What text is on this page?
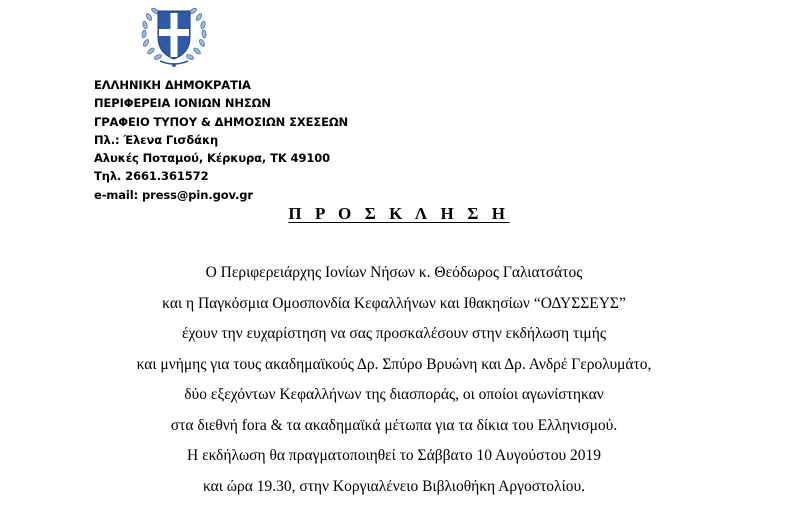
ΕΛΛΗΝΙΚΗ ΔΗΜΟΚΡΑΤΙΑ
ΠΕΡΙΦΕΡΕΙΑ ΙΟΝΙΩΝ ΝΗΣΩΝ
ΓΡΑΦΕΙΟ ΤΥΠΟΥ & ΔΗΜΟΣΙΩΝ ΣΧΕΣΕΩΝ
Πλ.: Έλενα Γισδάκη
Αλυκές Ποταμού, Κέρκυρα, ΤΚ 49100
Τηλ. 2661.361572
e-mail: press@pin.gov.gr
Π Ρ Ο Σ Κ Λ Η Σ Η
Ο Περιφερειάρχης Ιονίων Νήσων κ. Θεόδωρος Γαλιατσάτος
και η Παγκόσμια Ομοσπονδία Κεφαλλήνων και Ιθακησίων “ΟΔΥΣΣΕΥΣ”
έχουν την ευχαρίστηση να σας προσκαλέσουν στην εκδήλωση τιμής
και μνήμης για τους ακαδημαϊκούς Δρ. Σπύρο Βρυώνη και Δρ. Ανδρέ Γερολυμάτο,
δύο εξεχόντων Κεφαλλήνων της διασποράς, οι οποίοι αγωνίστηκαν
στα διεθνή fora & τα ακαδημαϊκά μέτωπα για τα δίκια του Ελληνισμού.
Η εκδήλωση θα πραγματοποιηθεί το Σάββατο 10 Αυγούστου 2019
και ώρα 19.30, στην Κοργιαλένειο Βιβλιοθήκη Αργοστολίου.
